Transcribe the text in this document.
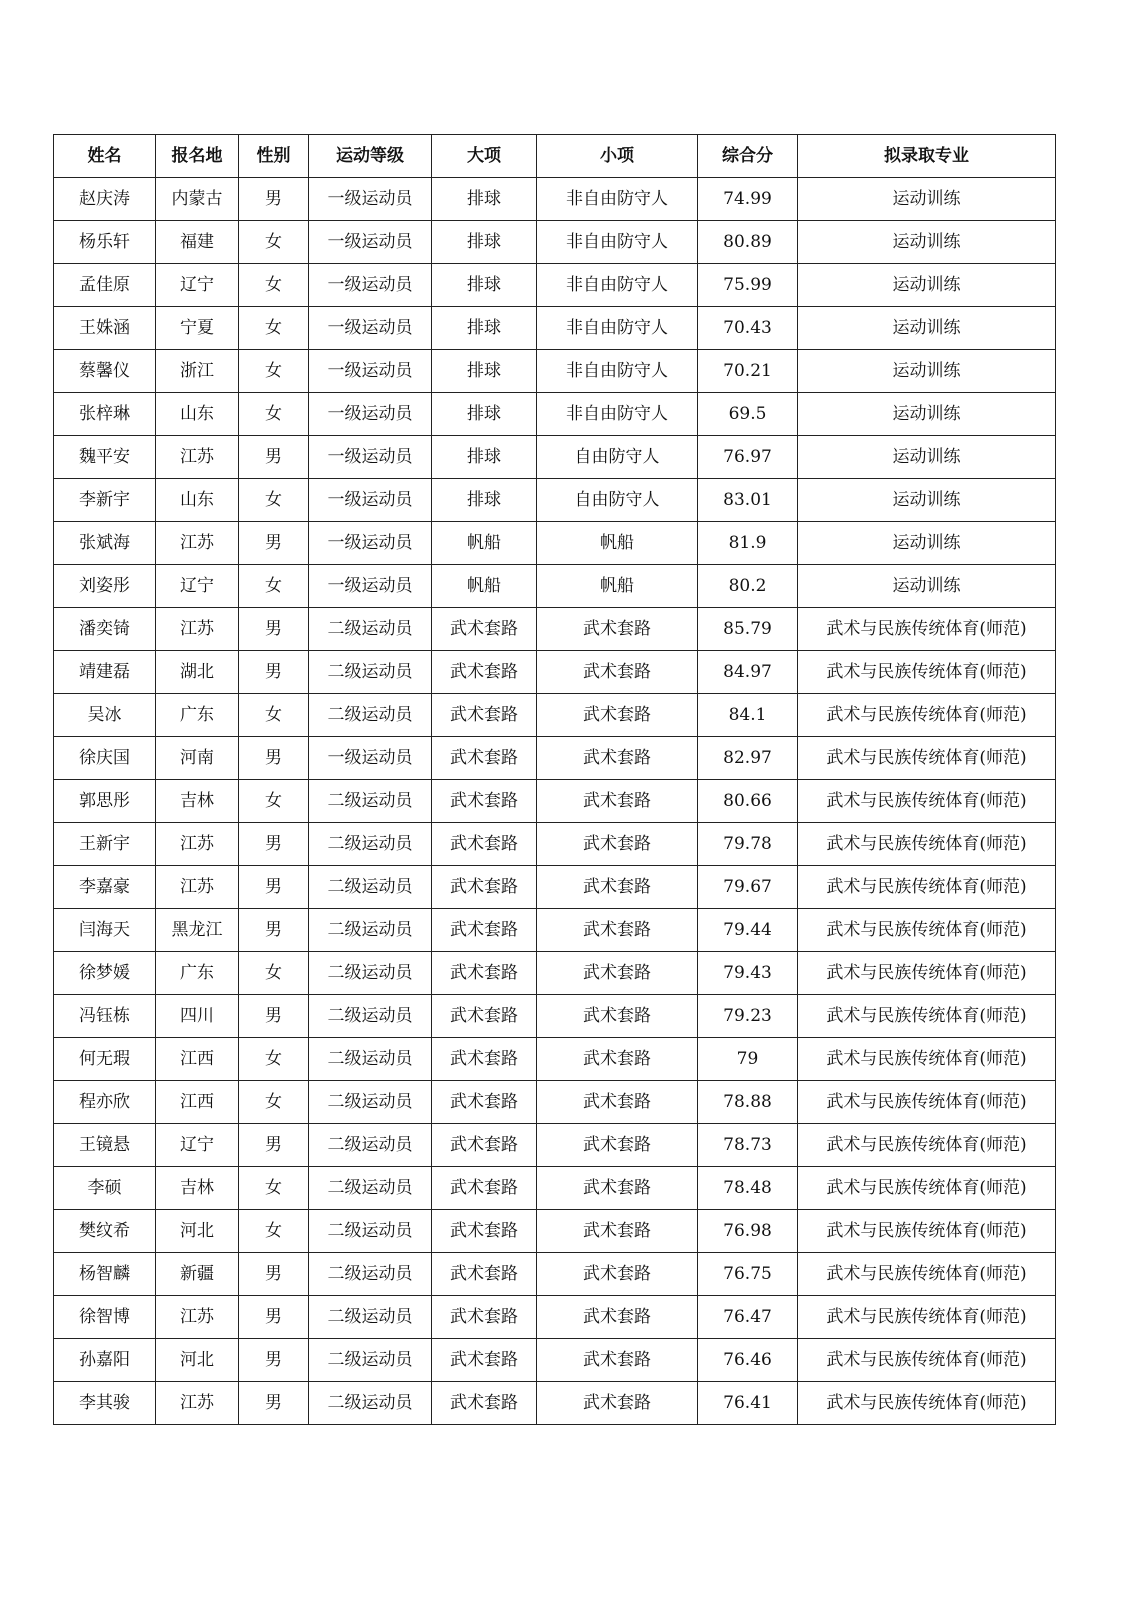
姓名	报名地	性别	运动等级	大项	小项	综合分	拟录取专业
赵庆涛	内蒙古	男	一级运动员	排球	非自由防守人	74.99	运动训练
杨乐轩	福建	女	一级运动员	排球	非自由防守人	80.89	运动训练
孟佳原	辽宁	女	一级运动员	排球	非自由防守人	75.99	运动训练
王姝涵	宁夏	女	一级运动员	排球	非自由防守人	70.43	运动训练
蔡馨仪	浙江	女	一级运动员	排球	非自由防守人	70.21	运动训练
张梓琳	山东	女	一级运动员	排球	非自由防守人	69.5	运动训练
魏平安	江苏	男	一级运动员	排球	自由防守人	76.97	运动训练
李新宇	山东	女	一级运动员	排球	自由防守人	83.01	运动训练
张斌海	江苏	男	一级运动员	帆船	帆船	81.9	运动训练
刘姿彤	辽宁	女	一级运动员	帆船	帆船	80.2	运动训练
潘奕锜	江苏	男	二级运动员	武术套路	武术套路	85.79	武术与民族传统体育(师范)
靖建磊	湖北	男	二级运动员	武术套路	武术套路	84.97	武术与民族传统体育(师范)
吴冰	广东	女	二级运动员	武术套路	武术套路	84.1	武术与民族传统体育(师范)
徐庆国	河南	男	一级运动员	武术套路	武术套路	82.97	武术与民族传统体育(师范)
郭思彤	吉林	女	二级运动员	武术套路	武术套路	80.66	武术与民族传统体育(师范)
王新宇	江苏	男	二级运动员	武术套路	武术套路	79.78	武术与民族传统体育(师范)
李嘉豪	江苏	男	二级运动员	武术套路	武术套路	79.67	武术与民族传统体育(师范)
闫海天	黑龙江	男	二级运动员	武术套路	武术套路	79.44	武术与民族传统体育(师范)
徐梦媛	广东	女	二级运动员	武术套路	武术套路	79.43	武术与民族传统体育(师范)
冯钰栋	四川	男	二级运动员	武术套路	武术套路	79.23	武术与民族传统体育(师范)
何无瑕	江西	女	二级运动员	武术套路	武术套路	79	武术与民族传统体育(师范)
程亦欣	江西	女	二级运动员	武术套路	武术套路	78.88	武术与民族传统体育(师范)
王镜悬	辽宁	男	二级运动员	武术套路	武术套路	78.73	武术与民族传统体育(师范)
李硕	吉林	女	二级运动员	武术套路	武术套路	78.48	武术与民族传统体育(师范)
樊纹希	河北	女	二级运动员	武术套路	武术套路	76.98	武术与民族传统体育(师范)
杨智麟	新疆	男	二级运动员	武术套路	武术套路	76.75	武术与民族传统体育(师范)
徐智博	江苏	男	二级运动员	武术套路	武术套路	76.47	武术与民族传统体育(师范)
孙嘉阳	河北	男	二级运动员	武术套路	武术套路	76.46	武术与民族传统体育(师范)
李其骏	江苏	男	二级运动员	武术套路	武术套路	76.41	武术与民族传统体育(师范)
